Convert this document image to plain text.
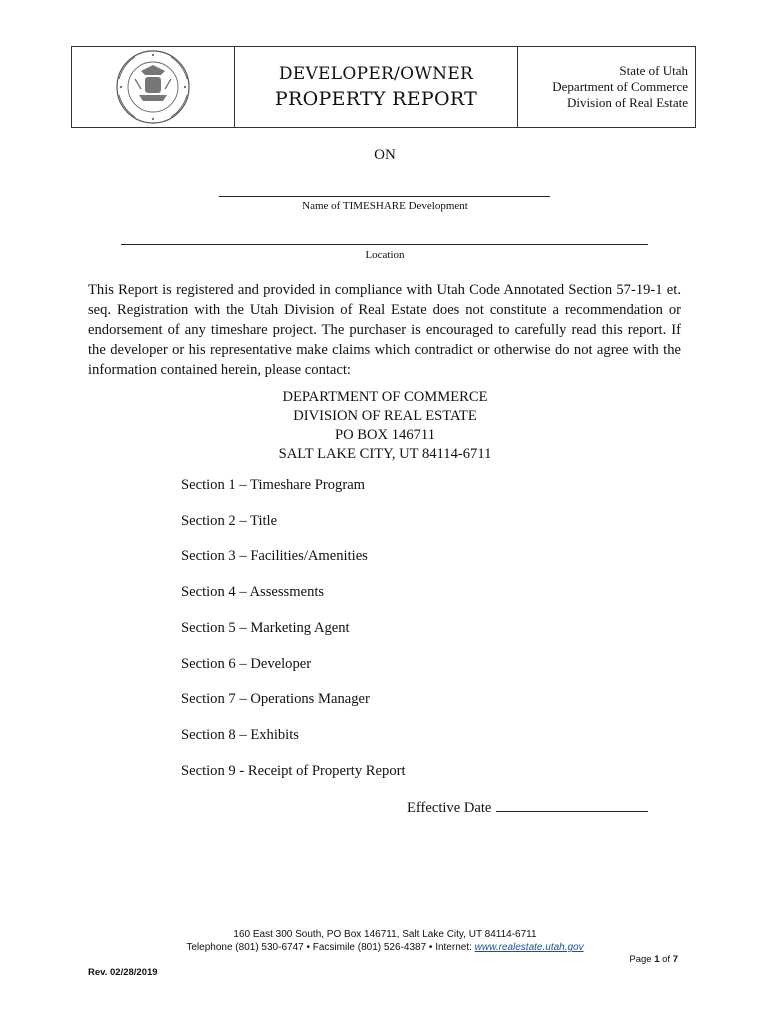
DEVELOPER/OWNER
PROPERTY REPORT
State of Utah
Department of Commerce
Division of Real Estate
ON
Name of TIMESHARE Development
Location
This Report is registered and provided in compliance with Utah Code Annotated Section 57-19-1 et. seq. Registration with the Utah Division of Real Estate does not constitute a recommendation or endorsement of any timeshare project. The purchaser is encouraged to carefully read this report. If the developer or his representative make claims which contradict or otherwise do not agree with the information contained herein, please contact:
DEPARTMENT OF COMMERCE
DIVISION OF REAL ESTATE
PO BOX 146711
SALT LAKE CITY, UT 84114-6711
Section 1 – Timeshare Program
Section 2 – Title
Section 3 – Facilities/Amenities
Section 4 – Assessments
Section 5 – Marketing Agent
Section 6 – Developer
Section 7 – Operations Manager
Section 8 – Exhibits
Section 9 - Receipt of Property Report
Effective Date
160 East 300 South, PO Box 146711, Salt Lake City, UT 84114-6711
Telephone (801) 530-6747 • Facsimile (801) 526-4387 • Internet: www.realestate.utah.gov
Page 1 of 7
Rev. 02/28/2019
